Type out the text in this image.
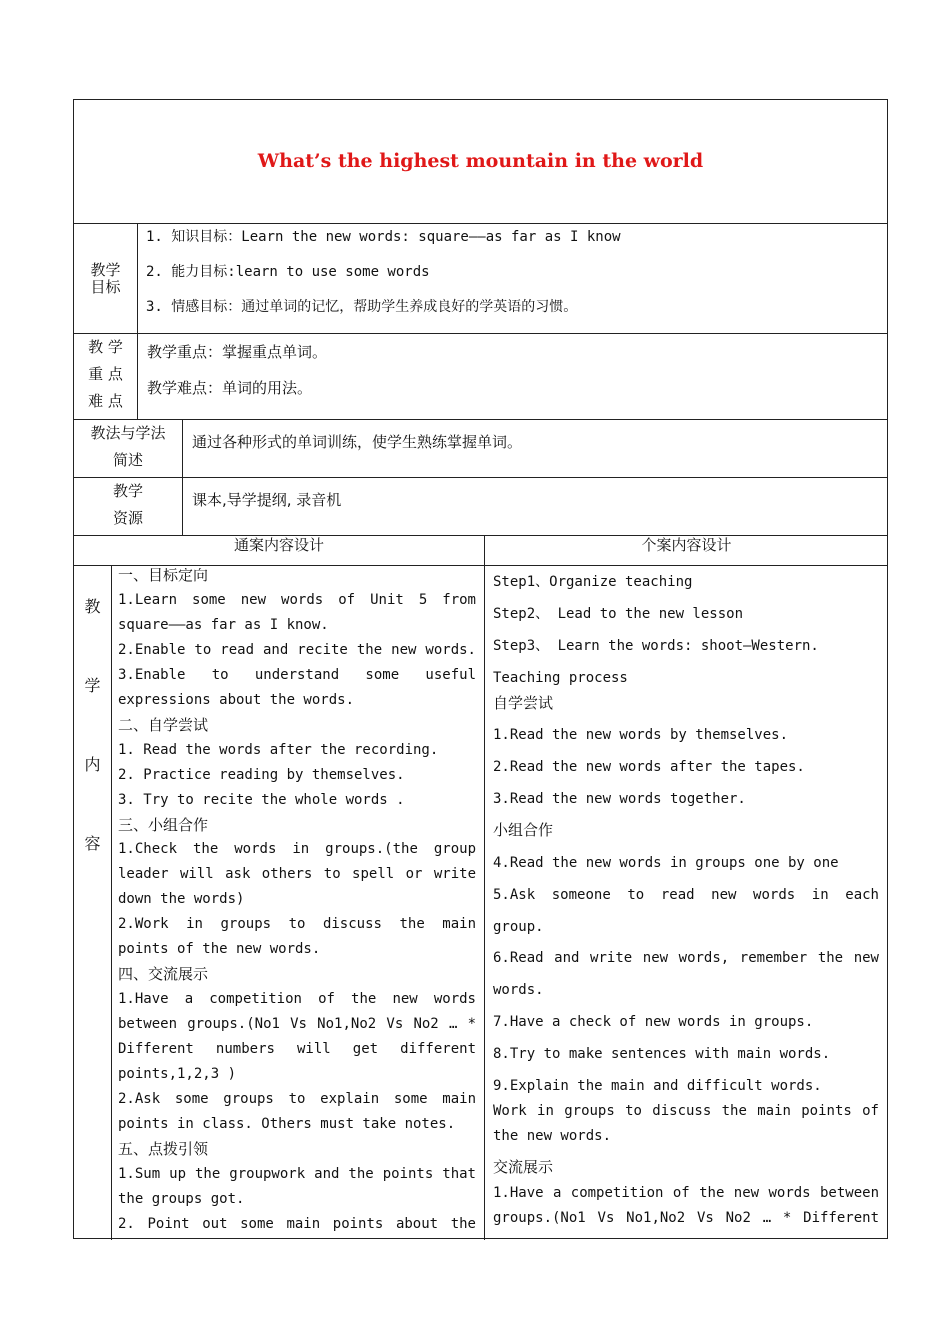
What’s the highest mountain in the world
教学
目标
1. 知识目标：Learn the new words: square——as far as I know
2. 能力目标:learn to use some words
3. 情感目标：通过单词的记忆，帮助学生养成良好的学英语的习惯。
教 学
重 点
难 点
教学重点：掌握重点单词。
教学难点：单词的用法。
教法与学法
简述
通过各种形式的单词训练，使学生熟练掌握单词。
教学
资源
课本,导学提纲, 录音机
通案内容设计	个案内容设计
教
学
内
容
一、目标定向
1.Learn some new words of Unit 5 from
square——as far as I know.
2.Enable to read and recite the new words.
3.Enable to understand some useful
expressions about the words.
二、自学尝试
1. Read the words after the recording.
2. Practice reading by themselves.
3. Try to recite the whole words .
三、小组合作
1.Check the words in groups.(the group
leader will ask others to spell or write
down the words)
2.Work in groups to discuss the main
points of the new words.
四、交流展示
1.Have a competition of the new words
between groups.(No1 Vs No1,No2 Vs No2 … *
Different numbers will get different
points,1,2,3 )
2.Ask some groups to explain some main
points in class. Others must take notes.
五、点拨引领
1.Sum up the groupwork and the points that
the groups got.
2. Point out some main points about the
Step1、Organize teaching
Step2、 Lead to the new lesson
Step3、 Learn the words: shoot—Western.
Teaching process
自学尝试
1.Read the new words by themselves.
2.Read the new words after the tapes.
3.Read the new words together.
小组合作
4.Read the new words in groups one by one
5.Ask someone to read new words in each
group.
6.Read and write new words, remember the new
words.
7.Have a check of new words in groups.
8.Try to make sentences with main words.
9.Explain the main and difficult words.
Work in groups to discuss the main points of
the new words.
交流展示
1.Have a competition of the new words between
groups.(No1 Vs No1,No2 Vs No2 … * Different
